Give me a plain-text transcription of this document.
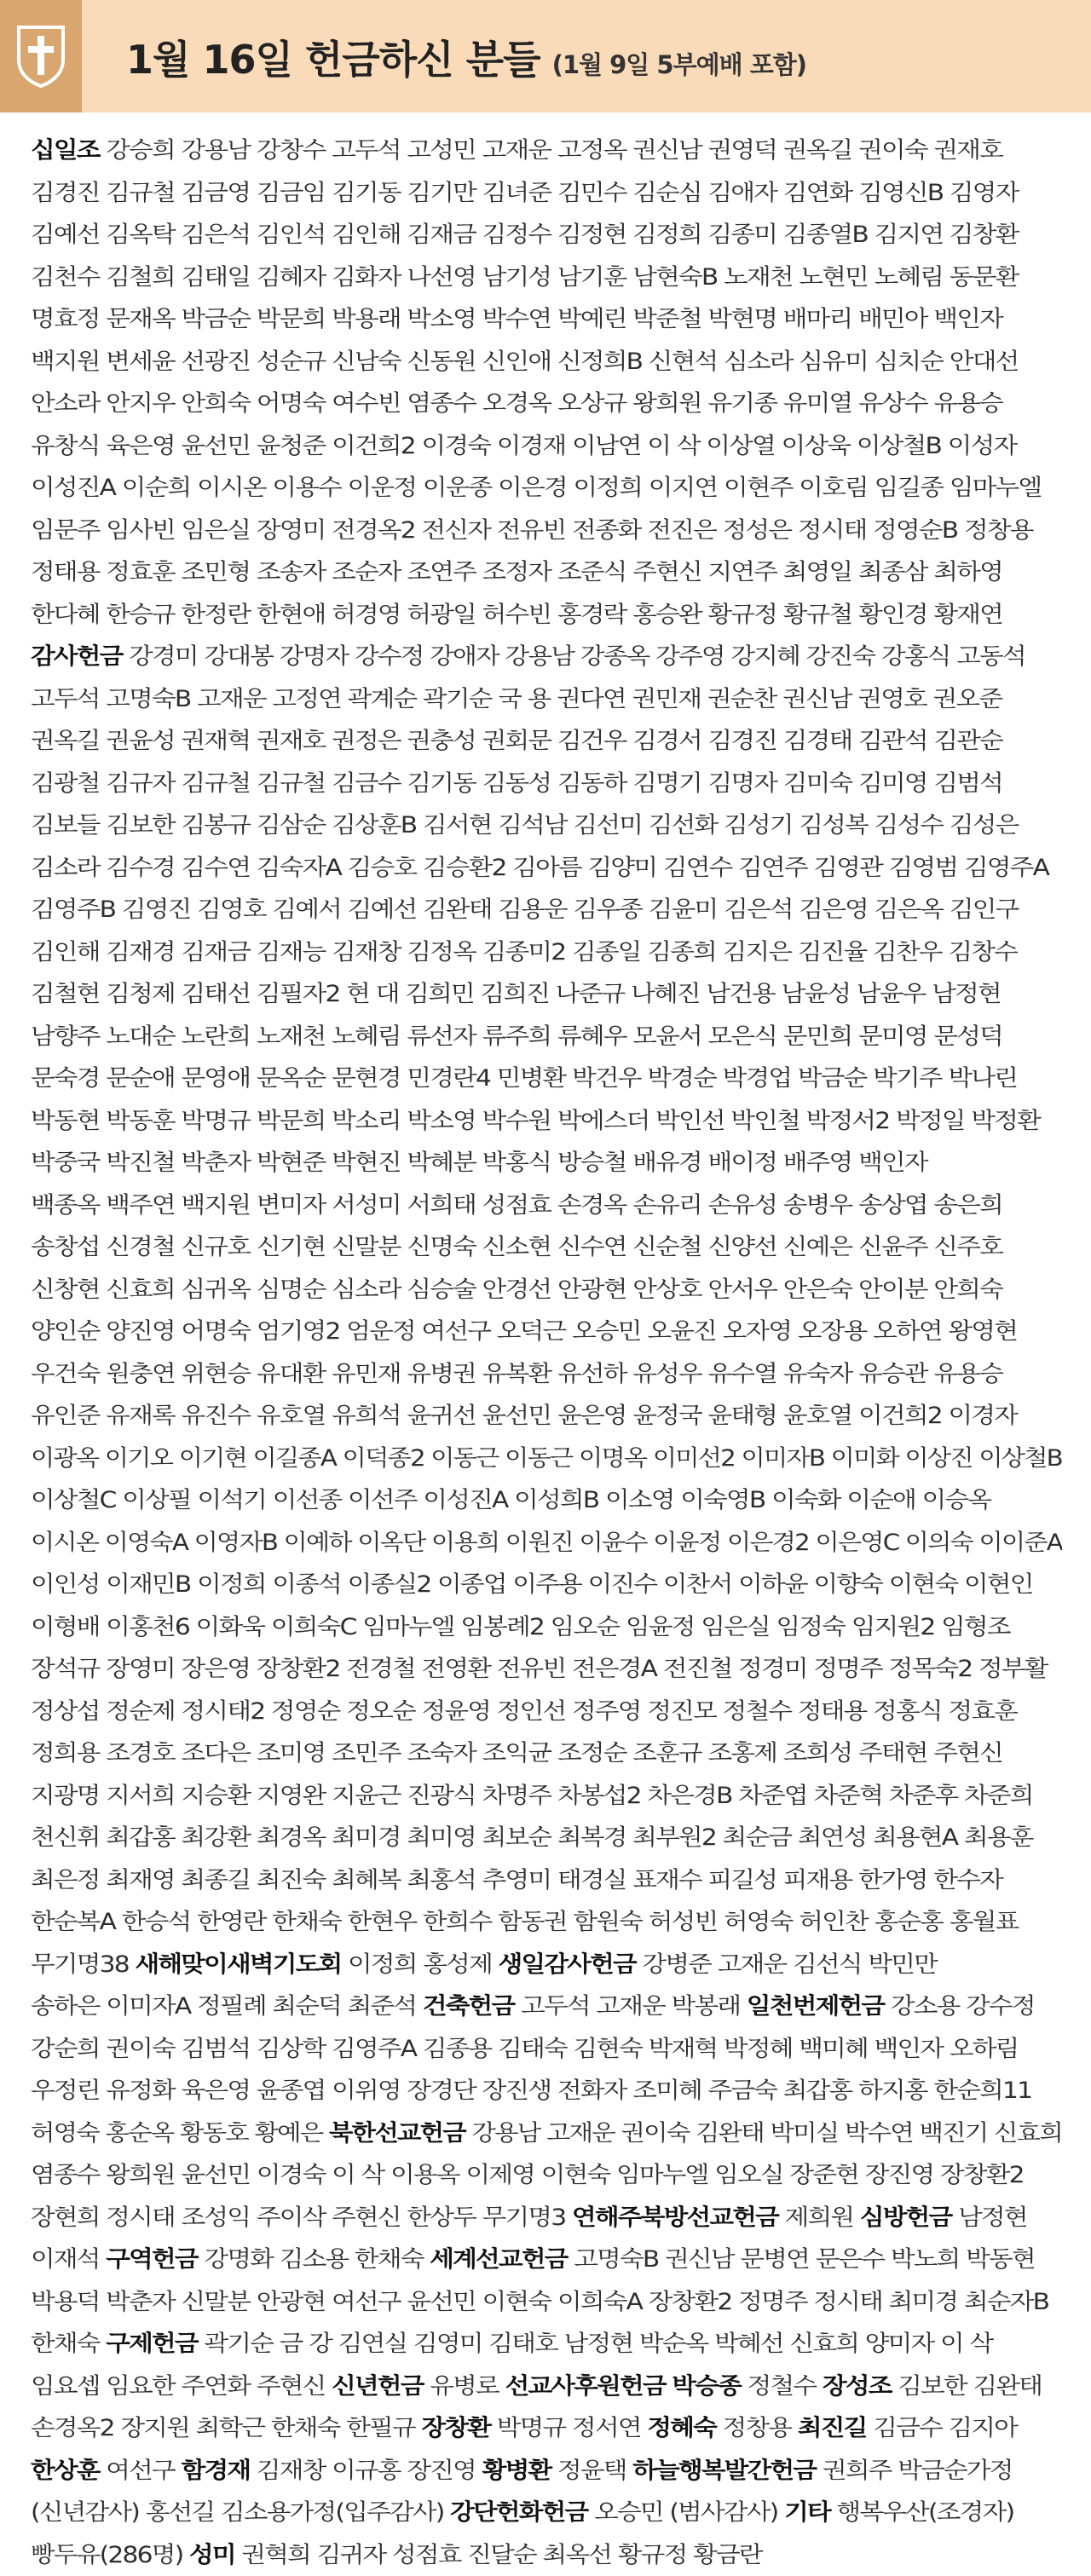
1월 16일 헌금하신 분들 (1월 9일 5부예배 포함)
십일조 강승희 강용남 강창수 고두석 고성민 고재운 고정옥 권신남 권영덕 권옥길 권이숙 권재호
김경진 김규철 김금영 김금임 김기동 김기만 김녀준 김민수 김순심 김애자 김연화 김영신B 김영자
김예선 김옥탁 김은석 김인석 김인해 김재금 김정수 김정현 김정희 김종미 김종열B 김지연 김창환
김천수 김철희 김태일 김혜자 김화자 나선영 남기성 남기훈 남현숙B 노재천 노현민 노혜림 동문환
명효정 문재옥 박금순 박문희 박용래 박소영 박수연 박예린 박준철 박현명 배마리 배민아 백인자
백지원 변세윤 선광진 성순규 신남숙 신동원 신인애 신정희B 신현석 심소라 심유미 심치순 안대선
안소라 안지우 안희숙 어명숙 여수빈 염종수 오경옥 오상규 왕희원 유기종 유미열 유상수 유용승
유창식 육은영 윤선민 윤청준 이건희2 이경숙 이경재 이남연 이 삭 이상열 이상욱 이상철B 이성자
이성진A 이순희 이시온 이용수 이운정 이운종 이은경 이정희 이지연 이현주 이호림 임길종 임마누엘
임문주 임사빈 임은실 장영미 전경옥2 전신자 전유빈 전종화 전진은 정성은 정시태 정영순B 정창용
정태용 정효훈 조민형 조송자 조순자 조연주 조정자 조준식 주현신 지연주 최영일 최종삼 최하영
한다혜 한승규 한정란 한현애 허경영 허광일 허수빈 홍경락 홍승완 황규정 황규철 황인경 황재연
감사헌금 강경미 강대봉 강명자 강수정 강애자 강용남 강종옥 강주영 강지혜 강진숙 강홍식 고동석
고두석 고명숙B 고재운 고정연 곽계순 곽기순 국 용 권다연 권민재 권순찬 권신남 권영호 권오준
권옥길 권윤성 권재혁 권재호 권정은 권충성 권회문 김건우 김경서 김경진 김경태 김관석 김관순
김광철 김규자 김규철 김규철 김금수 김기동 김동성 김동하 김명기 김명자 김미숙 김미영 김범석
김보들 김보한 김봉규 김삼순 김상훈B 김서현 김석남 김선미 김선화 김성기 김성복 김성수 김성은
김소라 김수경 김수연 김숙자A 김승호 김승환2 김아름 김양미 김연수 김연주 김영관 김영범 김영주A
김영주B 김영진 김영호 김예서 김예선 김완태 김용운 김우종 김윤미 김은석 김은영 김은옥 김인구
김인해 김재경 김재금 김재능 김재창 김정옥 김종미2 김종일 김종희 김지은 김진율 김찬우 김창수
김철현 김청제 김태선 김필자2 현 대 김희민 김희진 나준규 나혜진 남건용 남윤성 남윤우 남정현
남향주 노대순 노란희 노재천 노혜림 류선자 류주희 류혜우 모윤서 모은식 문민희 문미영 문성덕
문숙경 문순애 문영애 문옥순 문현경 민경란4 민병환 박건우 박경순 박경업 박금순 박기주 박나린
박동현 박동훈 박명규 박문희 박소리 박소영 박수원 박에스더 박인선 박인철 박정서2 박정일 박정환
박중국 박진철 박춘자 박현준 박현진 박혜분 박홍식 방승철 배유경 배이정 배주영 백인자
백종옥 백주연 백지원 변미자 서성미 서희태 성점효 손경옥 손유리 손유성 송병우 송상엽 송은희
송창섭 신경철 신규호 신기현 신말분 신명숙 신소현 신수연 신순철 신양선 신예은 신윤주 신주호
신창현 신효희 심귀옥 심명순 심소라 심승술 안경선 안광현 안상호 안서우 안은숙 안이분 안희숙
양인순 양진영 어명숙 엄기영2 엄운정 여선구 오덕근 오승민 오윤진 오자영 오장용 오하연 왕영현
우건숙 원충연 위현승 유대환 유민재 유병권 유복환 유선하 유성우 유수열 유숙자 유승관 유용승
유인준 유재록 유진수 유호열 유희석 윤귀선 윤선민 윤은영 윤정국 윤태형 윤호열 이건희2 이경자
이광옥 이기오 이기현 이길종A 이덕종2 이동근 이동근 이명옥 이미선2 이미자B 이미화 이상진 이상철B
이상철C 이상필 이석기 이선종 이선주 이성진A 이성희B 이소영 이숙영B 이숙화 이순애 이승옥
이시온 이영숙A 이영자B 이예하 이옥단 이용희 이원진 이윤수 이윤정 이은경2 이은영C 이의숙 이이준A
이인성 이재민B 이정희 이종석 이종실2 이종업 이주용 이진수 이찬서 이하윤 이향숙 이현숙 이현인
이형배 이홍천6 이화욱 이희숙C 임마누엘 임봉례2 임오순 임윤정 임은실 임정숙 임지원2 임형조
장석규 장영미 장은영 장창환2 전경철 전영환 전유빈 전은경A 전진철 정경미 정명주 정목숙2 정부활
정상섭 정순제 정시태2 정영순 정오순 정윤영 정인선 정주영 정진모 정철수 정태용 정홍식 정효훈
정희용 조경호 조다은 조미영 조민주 조숙자 조익균 조정순 조훈규 조홍제 조희성 주태현 주현신
지광명 지서희 지승환 지영완 지윤근 진광식 차명주 차봉섭2 차은경B 차준엽 차준혁 차준후 차준희
천신휘 최갑홍 최강환 최경옥 최미경 최미영 최보순 최복경 최부원2 최순금 최연성 최용현A 최용훈
최은정 최재영 최종길 최진숙 최혜복 최홍석 추영미 태경실 표재수 피길성 피재용 한가영 한수자
한순복A 한승석 한영란 한채숙 한현우 한희수 함동권 함원숙 허성빈 허영숙 허인찬 홍순홍 홍월표
무기명38 새해맞이새벽기도회 이정희 홍성제 생일감사헌금 강병준 고재운 김선식 박민만
송하은 이미자A 정필례 최순덕 최준석 건축헌금 고두석 고재운 박봉래 일천번제헌금 강소용 강수정
강순희 권이숙 김범석 김상학 김영주A 김종용 김태숙 김현숙 박재혁 박정혜 백미혜 백인자 오하림
우정린 유정화 육은영 윤종엽 이위영 장경단 장진생 전화자 조미혜 주금숙 최갑홍 하지홍 한순희11
허영숙 홍순옥 황동호 황예은 북한선교헌금 강용남 고재운 권이숙 김완태 박미실 박수연 백진기 신효희
염종수 왕희원 윤선민 이경숙 이 삭 이용옥 이제영 이현숙 임마누엘 임오실 장준현 장진영 장창환2
장현희 정시태 조성익 주이삭 주현신 한상두 무기명3 연해주북방선교헌금 제희원 심방헌금 남정현
이재석 구역헌금 강명화 김소용 한채숙 세계선교헌금 고명숙B 권신남 문병연 문은수 박노희 박동현
박용덕 박춘자 신말분 안광현 여선구 윤선민 이현숙 이희숙A 장창환2 정명주 정시태 최미경 최순자B
한채숙 구제헌금 곽기순 금 강 김연실 김영미 김태호 남정현 박순옥 박혜선 신효희 양미자 이 삭
임요셉 임요한 주연화 주현신 신년헌금 유병로 선교사후원헌금 박승종 정철수 장성조 김보한 김완태
손경옥2 장지원 최학근 한채숙 한필규 장창환 박명규 정서연 정혜숙 정창용 최진길 김금수 김지아
한상훈 여선구 함경재 김재창 이규홍 장진영 황병환 정윤택 하늘행복발간헌금 권희주 박금순가정
(신년감사) 홍선길 김소용가정(입주감사) 강단헌화헌금 오승민 (범사감사) 기타 행복우산(조경자)
빵두유(286명) 성미 권혁희 김귀자 성점효 진달순 최옥선 황규정 황금란
